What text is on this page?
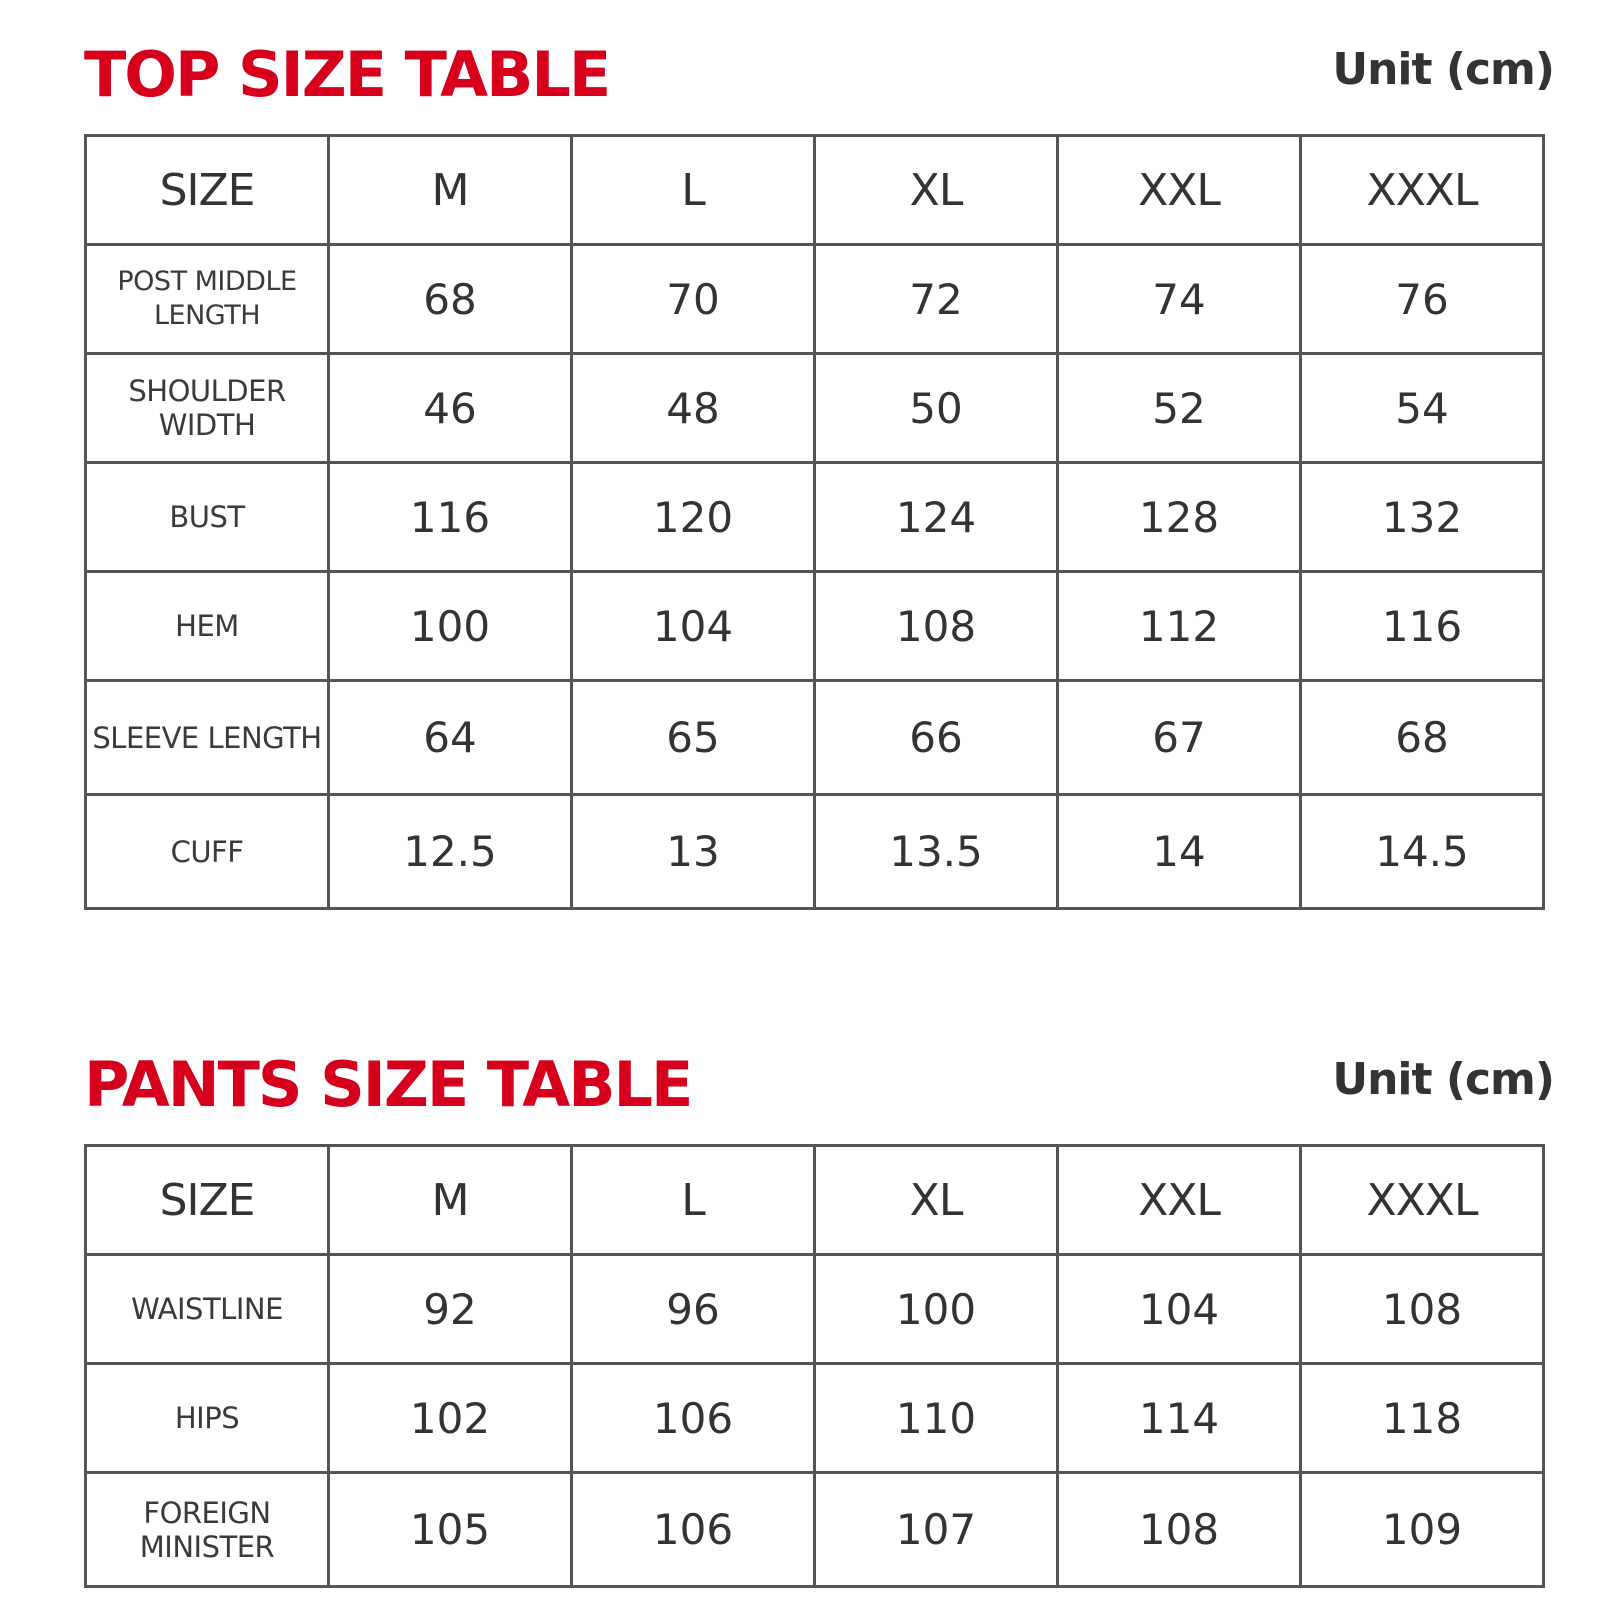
TOP SIZE TABLE	Unit (cm)
SIZE	M	L	XL	XXL	XXXL
POST MIDDLE LENGTH	68	70	72	74	76
SHOULDER WIDTH	46	48	50	52	54
BUST	116	120	124	128	132
HEM	100	104	108	112	116
SLEEVE LENGTH	64	65	66	67	68
CUFF	12.5	13	13.5	14	14.5
PANTS SIZE TABLE	Unit (cm)
SIZE	M	L	XL	XXL	XXXL
WAISTLINE	92	96	100	104	108
HIPS	102	106	110	114	118
FOREIGN MINISTER	105	106	107	108	109
